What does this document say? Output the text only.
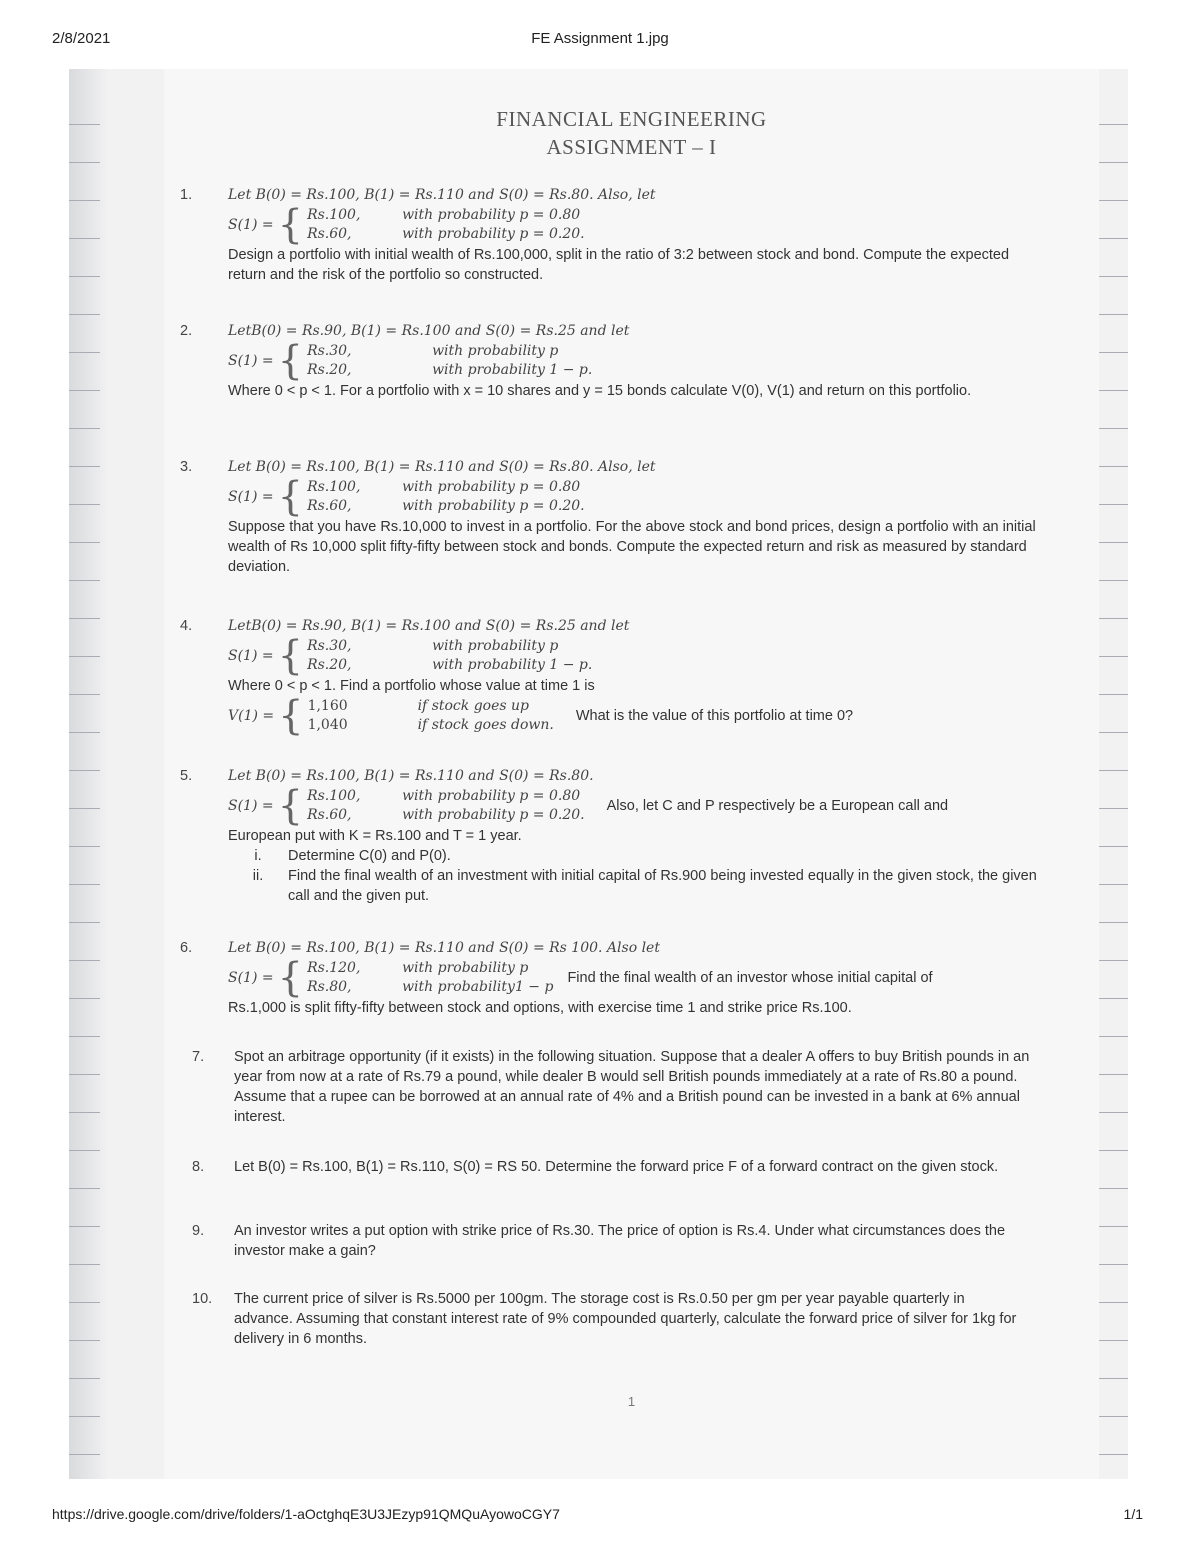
2/8/2021	FE Assignment 1.jpg
FINANCIAL ENGINEERING
ASSIGNMENT – I
1.	Let B(0) = Rs.100, B(1) = Rs.110 and S(0) = Rs.80. Also, let

S(1) = { Rs.100,	with probability p = 0.80
Rs.60,	with probability p = 0.20.

Design a portfolio with initial wealth of Rs.100,000, split in the ratio of 3:2 between stock and bond. Compute the expected return and the risk of the portfolio so constructed.

2.	LetB(0) = Rs.90, B(1) = Rs.100 and S(0) = Rs.25 and let

S(1) = { Rs.30,	with probability p
Rs.20,	with probability 1 − p.

Where 0 < p < 1. For a portfolio with x = 10 shares and y = 15 bonds calculate V(0), V(1) and return on this portfolio.

3.	Let B(0) = Rs.100, B(1) = Rs.110 and S(0) = Rs.80. Also, let

S(1) = { Rs.100,	with probability p = 0.80
Rs.60,	with probability p = 0.20.

Suppose that you have Rs.10,000 to invest in a portfolio. For the above stock and bond prices, design a portfolio with an initial wealth of Rs 10,000 split fifty-fifty between stock and bonds. Compute the expected return and risk as measured by standard deviation.

4.	LetB(0) = Rs.90, B(1) = Rs.100 and S(0) = Rs.25 and let

S(1) = { Rs.30,	with probability p
Rs.20,	with probability 1 − p.

Where 0 < p < 1. Find a portfolio whose value at time 1 is

V(1) = { 1,160	if stock goes up
1,040	if stock goes down.
What is the value of this portfolio at time 0?
5.	Let B(0) = Rs.100, B(1) = Rs.110 and S(0) = Rs.80.

S(1) = { Rs.100,	with probability p = 0.80
Rs.60,	with probability p = 0.20.
Also, let C and P respectively be a European call and

European put with K = Rs.100 and T = 1 year.

i.	Determine C(0) and P(0).
ii.	Find the final wealth of an investment with initial capital of Rs.900 being invested equally in the given stock, the given call and the given put.
6.	Let B(0) = Rs.100, B(1) = Rs.110 and S(0) = Rs 100. Also let

S(1) = { Rs.120,	with probability p
Rs.80,	with probability1 − p
Find the final wealth of an investor whose initial capital of

Rs.1,000 is split fifty-fifty between stock and options, with exercise time 1 and strike price Rs.100.

7. Spot an arbitrage opportunity (if it exists) in the following situation. Suppose that a dealer A offers to buy British pounds in an year from now at a rate of Rs.79 a pound, while dealer B would sell British pounds immediately at a rate of Rs.80 a pound. Assume that a rupee can be borrowed at an annual rate of 4% and a British pound can be invested in a bank at 6% annual interest.

8. Let B(0) = Rs.100, B(1) = Rs.110, S(0) = RS 50. Determine the forward price F of a forward contract on the given stock.

9. An investor writes a put option with strike price of Rs.30. The price of option is Rs.4. Under what circumstances does the investor make a gain?

10. The current price of silver is Rs.5000 per 100gm. The storage cost is Rs.0.50 per gm per year payable quarterly in advance. Assuming that constant interest rate of 9% compounded quarterly, calculate the forward price of silver for 1kg for delivery in 6 months.

1
https://drive.google.com/drive/folders/1-aOctghqE3U3JEzyp91QMQuAyowoCGY7	1/1
